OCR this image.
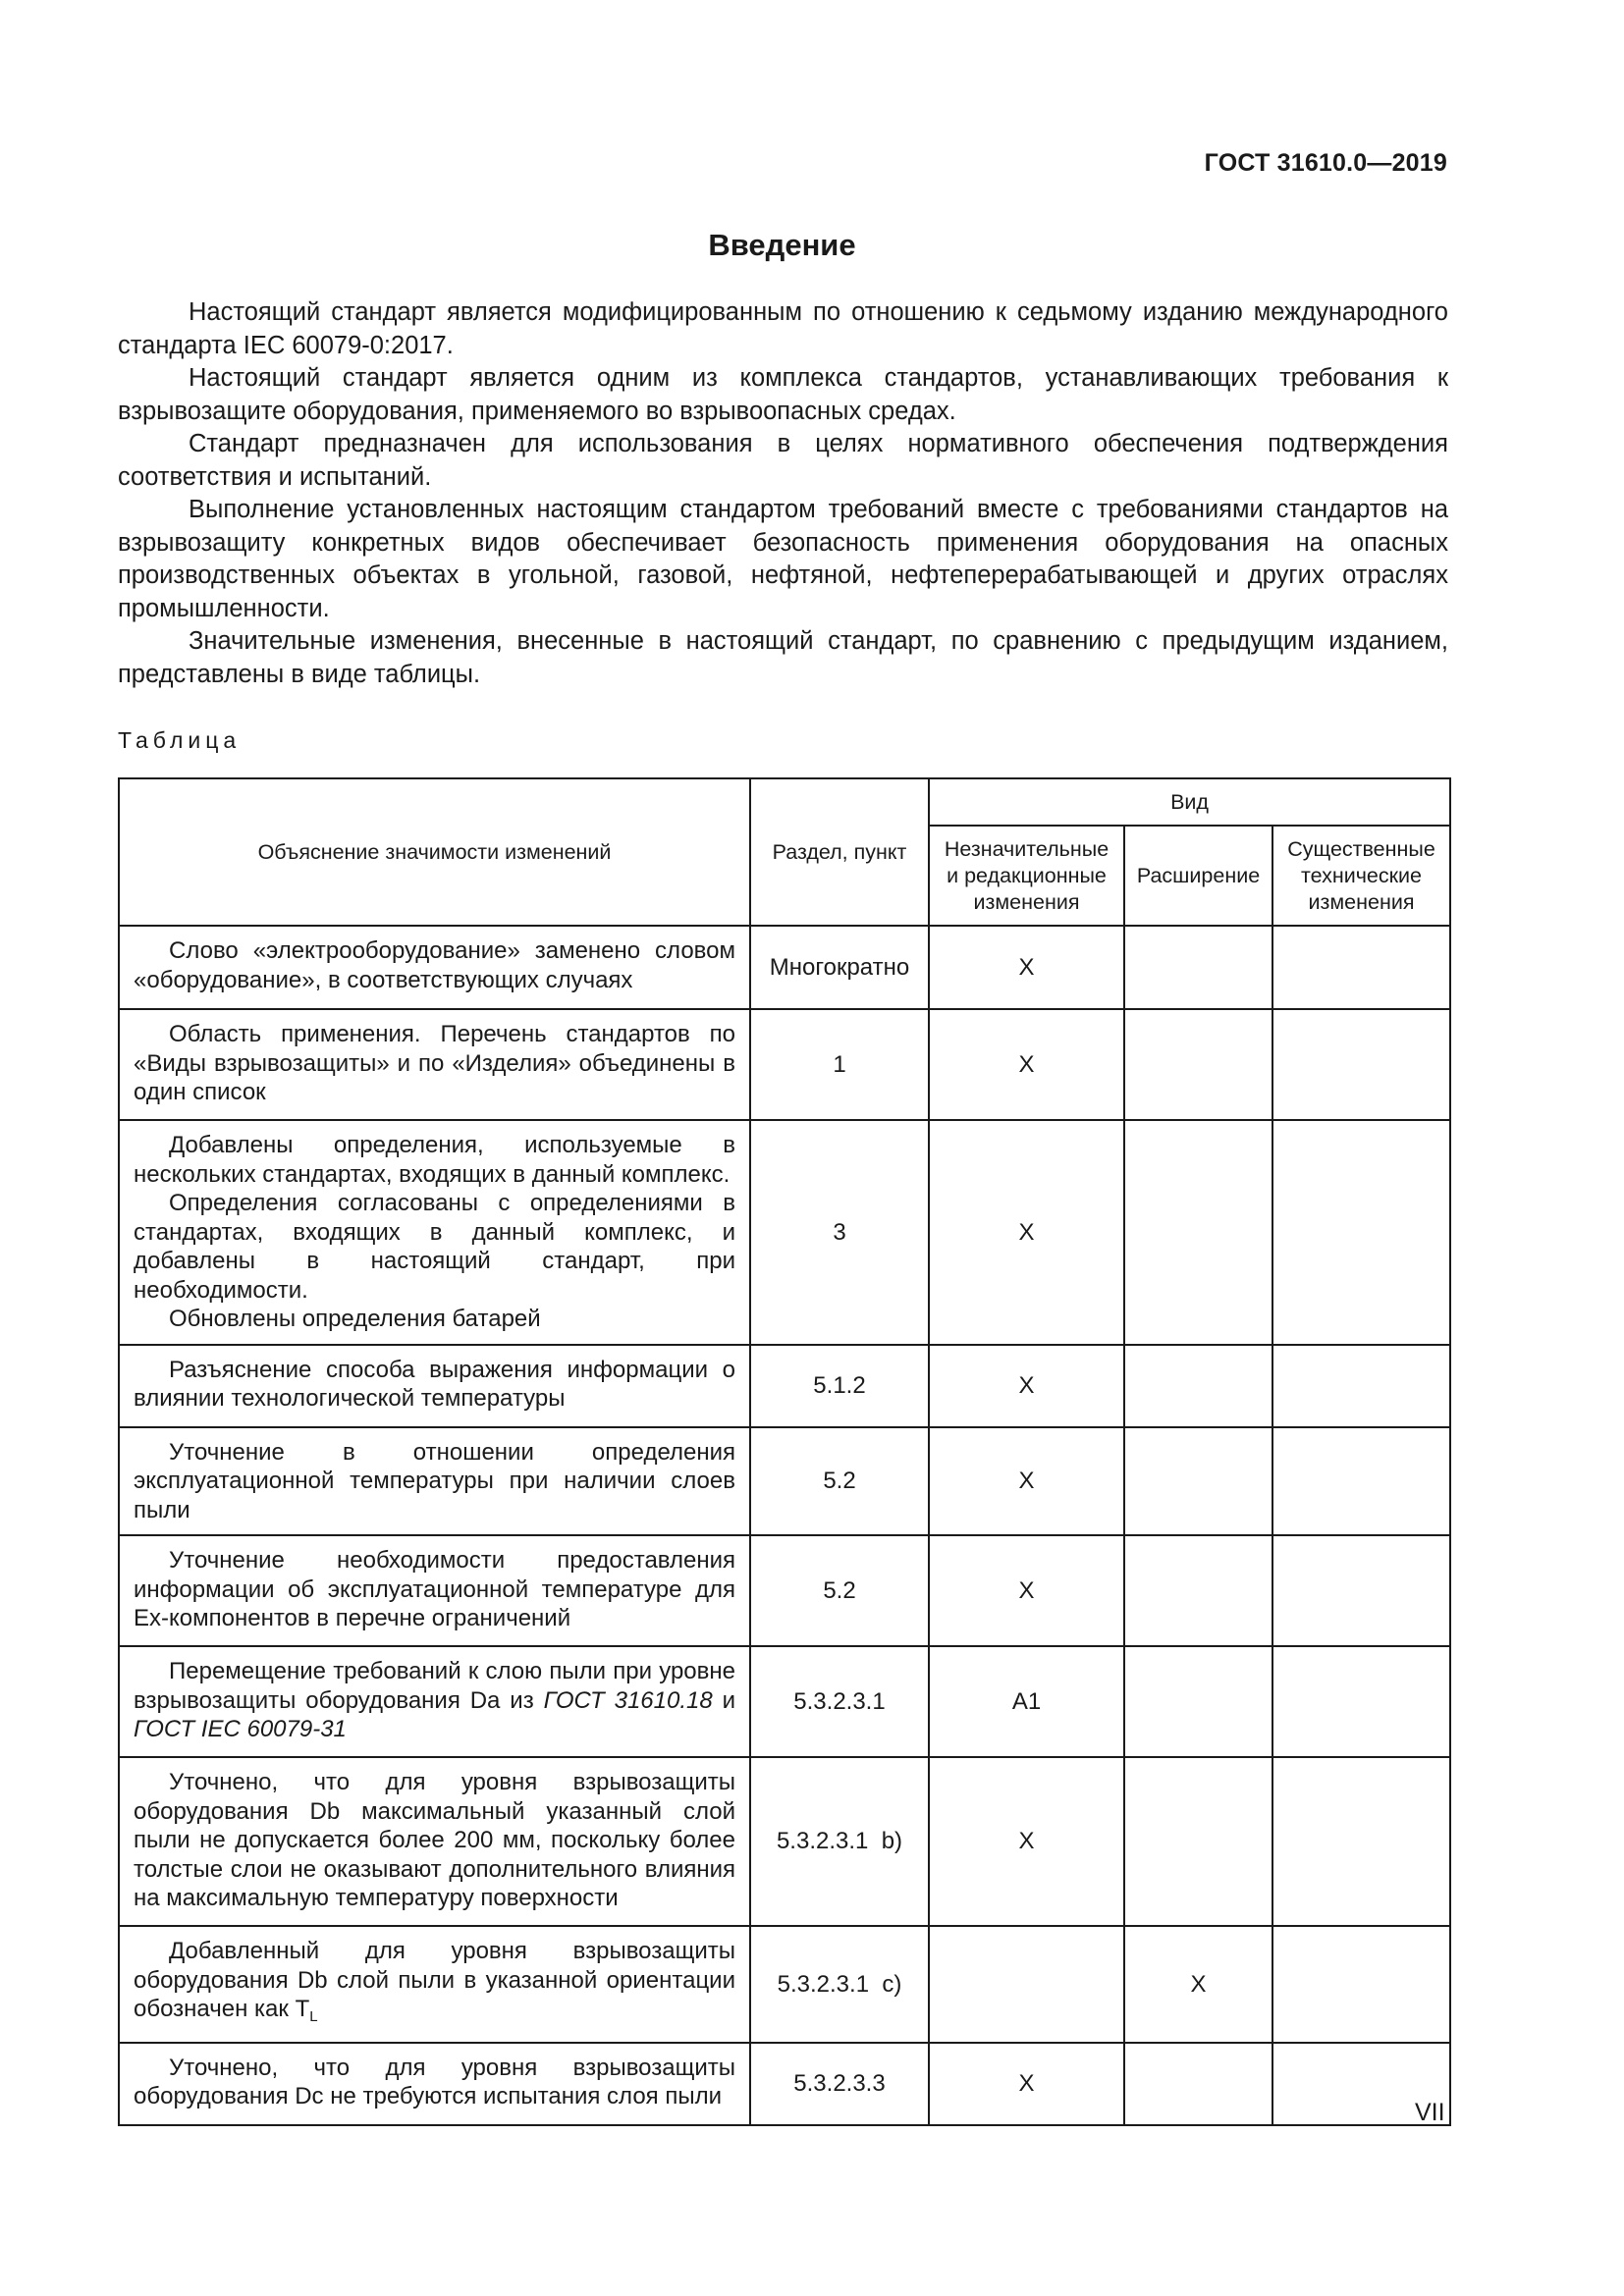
ГОСТ 31610.0—2019
Введение

Настоящий стандарт является модифицированным по отношению к седьмому изданию международного стандарта IEC 60079-0:2017.

Настоящий стандарт является одним из комплекса стандартов, устанавливающих требования к взрывозащите оборудования, применяемого во взрывоопасных средах.

Стандарт предназначен для использования в целях нормативного обеспечения подтверждения соответствия и испытаний.

Выполнение установленных настоящим стандартом требований вместе с требованиями стандартов на взрывозащиту конкретных видов обеспечивает безопасность применения оборудования на опасных производственных объектах в угольной, газовой, нефтяной, нефтеперерабатывающей и других отраслях промышленности.

Значительные изменения, внесенные в настоящий стандарт, по сравнению с предыдущим изданием, представлены в виде таблицы.

Таблица
Объяснение значимости изменений	Раздел, пункт	Вид		
		Незначительные и редакционные изменения	Расширение	Существенные технические изменения

Слово «электрооборудование» заменено словом «оборудование», в соответствующих случаях	Многократно	X		

Область применения. Перечень стандартов по «Виды взрывозащиты» и по «Изделия» объединены в один список	1	X		

Добавлены определения, используемые в нескольких стандартах, входящих в данный комплекс.
Определения согласованы с определениями в стандартах, входящих в данный комплекс, и добавлены в настоящий стандарт, при необходимости.
Обновлены определения батарей	3	X		

Разъяснение способа выражения информации о влиянии технологической температуры	5.1.2	X		

Уточнение в отношении определения эксплуатационной температуры при наличии слоев пыли	5.2	X		

Уточнение необходимости предоставления информации об эксплуатационной температуре для Ex-компонентов в перечне ограничений	5.2	X		

Перемещение требований к слою пыли при уровне взрывозащиты оборудования Da из ГОСТ 31610.18 и ГОСТ IEC 60079-31	5.3.2.3.1	A1		

Уточнено, что для уровня взрывозащиты оборудования Db максимальный указанный слой пыли не допускается более 200 мм, поскольку более толстые слои не оказывают дополнительного влияния на максимальную температуру поверхности	5.3.2.3.1  b)	X		

Добавленный для уровня взрывозащиты оборудования Db слой пыли в указанной ориентации обозначен как $T_L$	5.3.2.3.1  c)		X	

Уточнено, что для уровня взрывозащиты оборудования Dc не требуются испытания слоя пыли	5.3.2.3.3	X		
VII
